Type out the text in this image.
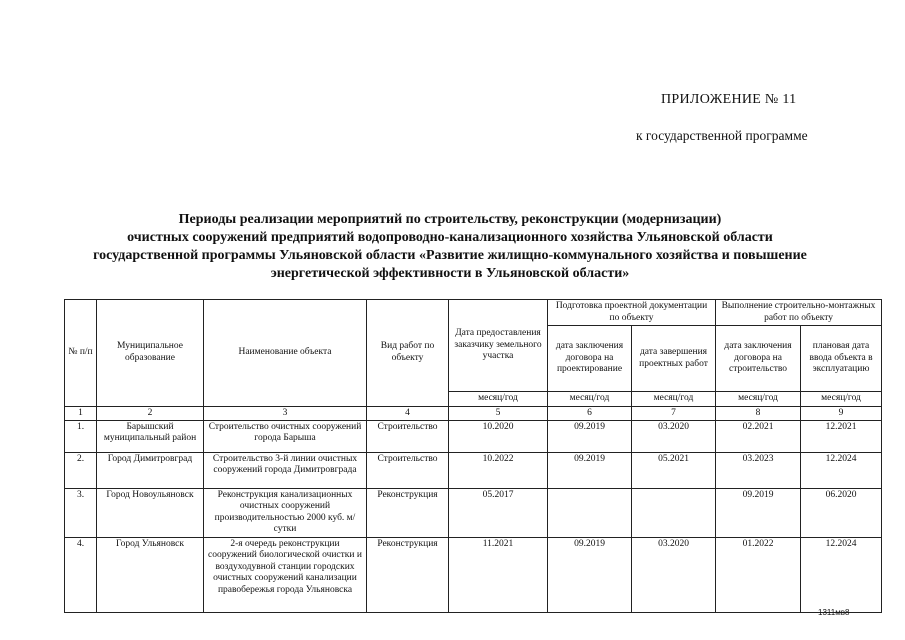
ПРИЛОЖЕНИЕ № 11
к государственной программе
Периоды реализации мероприятий по строительству, реконструкции (модернизации)
очистных сооружений предприятий водопроводно-канализационного хозяйства Ульяновской области
государственной программы Ульяновской области «Развитие жилищно-коммунального хозяйства и повышение
энергетической эффективности в Ульяновской области»
№ п/п	Муниципальное образование	Наименование объекта	Вид работ по объекту	Дата предоставления заказчику земельного участка	Подготовка проектной документации по объекту		Выполнение строительно-монтажных работ по объекту	
					дата заключения договора на проектирование	дата завершения проектных работ	дата заключения договора на строительство	плановая дата ввода объекта в эксплуатацию
				месяц/год	месяц/год	месяц/год	месяц/год	месяц/год
1	2	3	4	5	6	7	8	9
1.	Барышский муниципальный район	Строительство очистных сооружений города Барыша	Строительство	10.2020	09.2019	03.2020	02.2021	12.2021
2.	Город Димитровград	Строительство 3-й линии очистных сооружений города Димитровграда	Строительство	10.2022	09.2019	05.2021	03.2023	12.2024
3.	Город Новоульяновск	Реконструкция канализационных очистных сооружений производительностью 2000 куб. м/сутки	Реконструкция	05.2017			09.2019	06.2020
4.	Город Ульяновск	2-я очередь реконструкции сооружений биологической очистки и воздуходувной станции городских очистных сооружений канализации правобережья города Ульяновска	Реконструкция	11.2021	09.2019	03.2020	01.2022	12.2024
1311мв8
